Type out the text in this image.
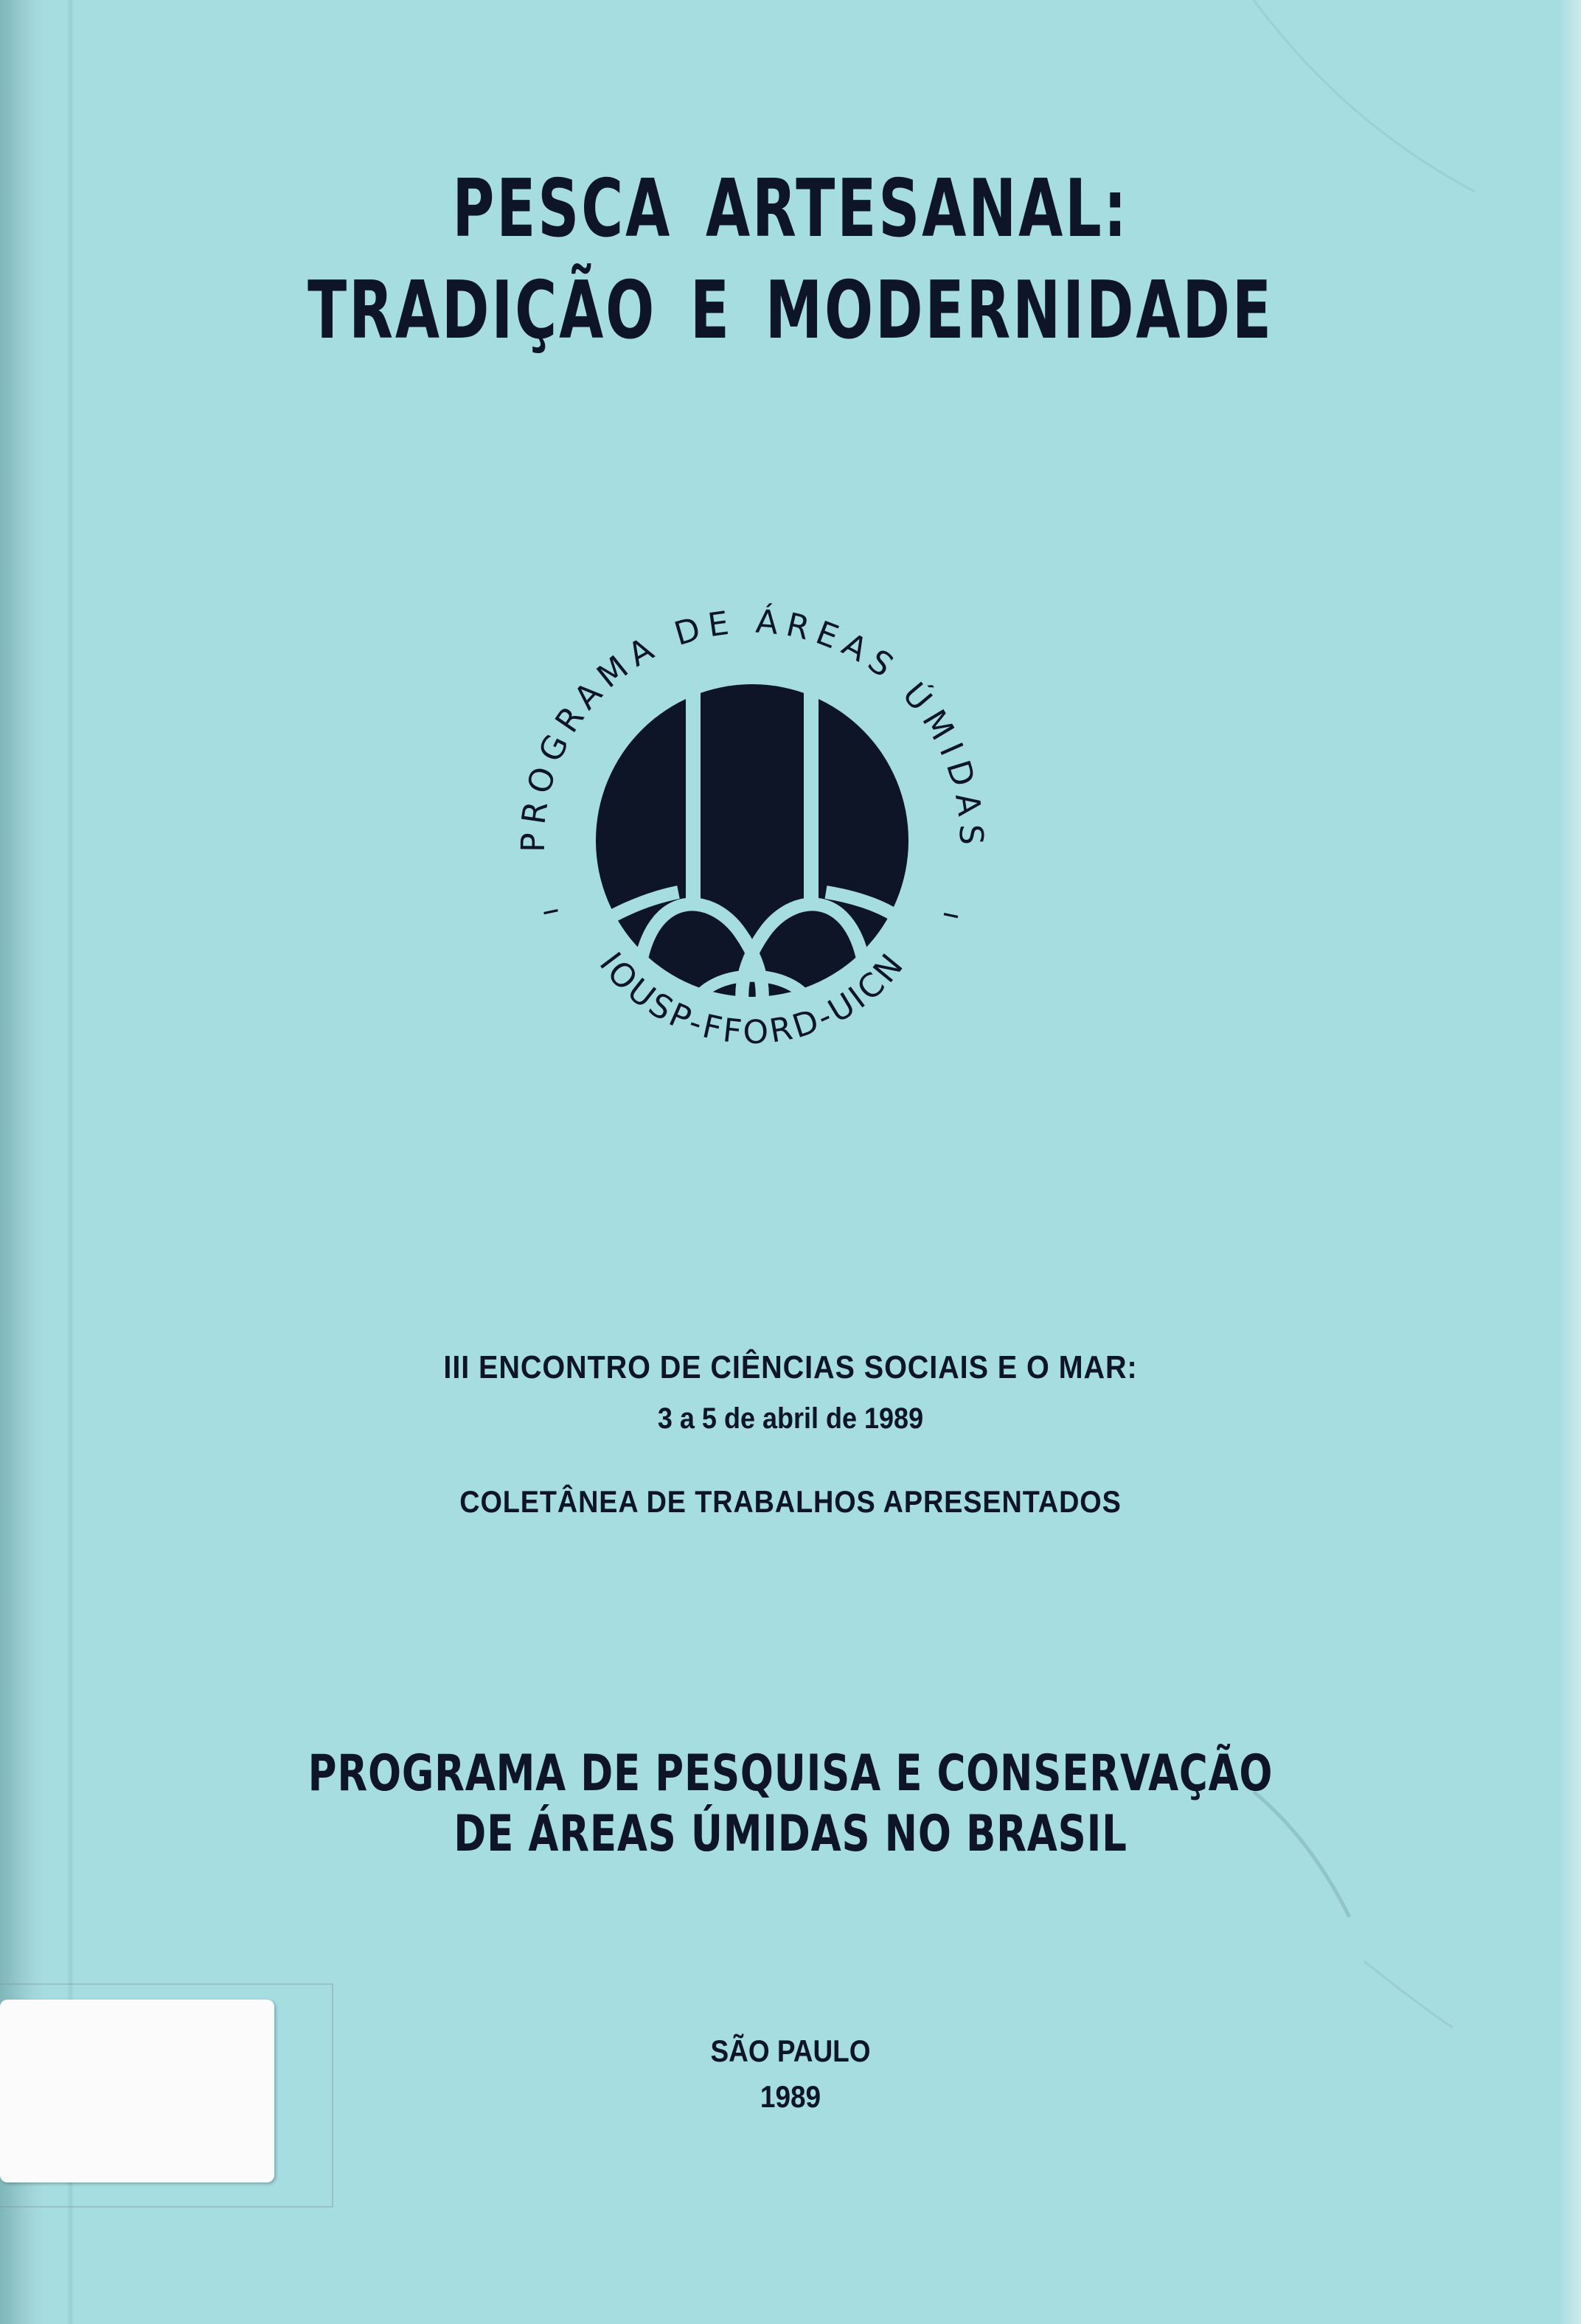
PESCA ARTESANAL:
TRADIÇÃO E MODERNIDADE
PROGRAMA DE ÁREAS ÚMIDAS
IOUSP-FFORD-UICN
–	–
III ENCONTRO DE CIÊNCIAS SOCIAIS E O MAR:
3 a 5 de abril de 1989
COLETÂNEA DE TRABALHOS APRESENTADOS
PROGRAMA DE PESQUISA E CONSERVAÇÃO
DE ÁREAS ÚMIDAS NO BRASIL
SÃO PAULO
1989
